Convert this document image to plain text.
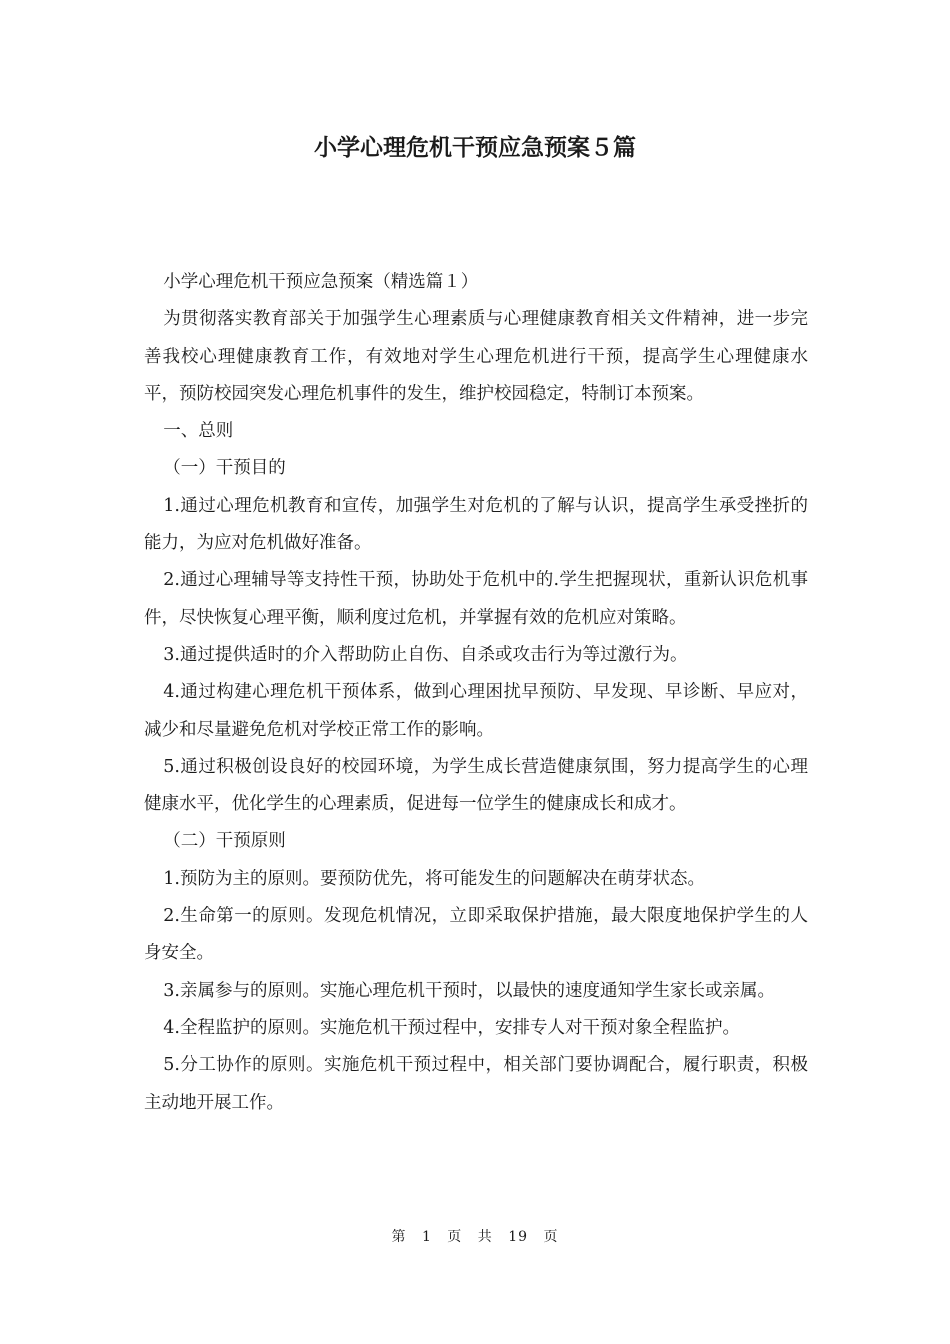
小学心理危机干预应急预案５篇

小学心理危机干预应急预案（精选篇１）

为贯彻落实教育部关于加强学生心理素质与心理健康教育相关文件精神，进一步完善我校心理健康教育工作，有效地对学生心理危机进行干预，提高学生心理健康水平，预防校园突发心理危机事件的发生，维护校园稳定，特制订本预案。

一、总则

（一）干预目的

1.通过心理危机教育和宣传，加强学生对危机的了解与认识，提高学生承受挫折的能力，为应对危机做好准备。

2.通过心理辅导等支持性干预，协助处于危机中的.学生把握现状，重新认识危机事件，尽快恢复心理平衡，顺利度过危机，并掌握有效的危机应对策略。

3.通过提供适时的介入帮助防止自伤、自杀或攻击行为等过激行为。

4.通过构建心理危机干预体系，做到心理困扰早预防、早发现、早诊断、早应对，减少和尽量避免危机对学校正常工作的影响。

5.通过积极创设良好的校园环境，为学生成长营造健康氛围，努力提高学生的心理健康水平，优化学生的心理素质，促进每一位学生的健康成长和成才。

（二）干预原则

1.预防为主的原则。要预防优先，将可能发生的问题解决在萌芽状态。

2.生命第一的原则。发现危机情况，立即采取保护措施，最大限度地保护学生的人身安全。

3.亲属参与的原则。实施心理危机干预时，以最快的速度通知学生家长或亲属。

4.全程监护的原则。实施危机干预过程中，安排专人对干预对象全程监护。

5.分工协作的原则。实施危机干预过程中，相关部门要协调配合，履行职责，积极主动地开展工作。

第 1 页 共 19 页
